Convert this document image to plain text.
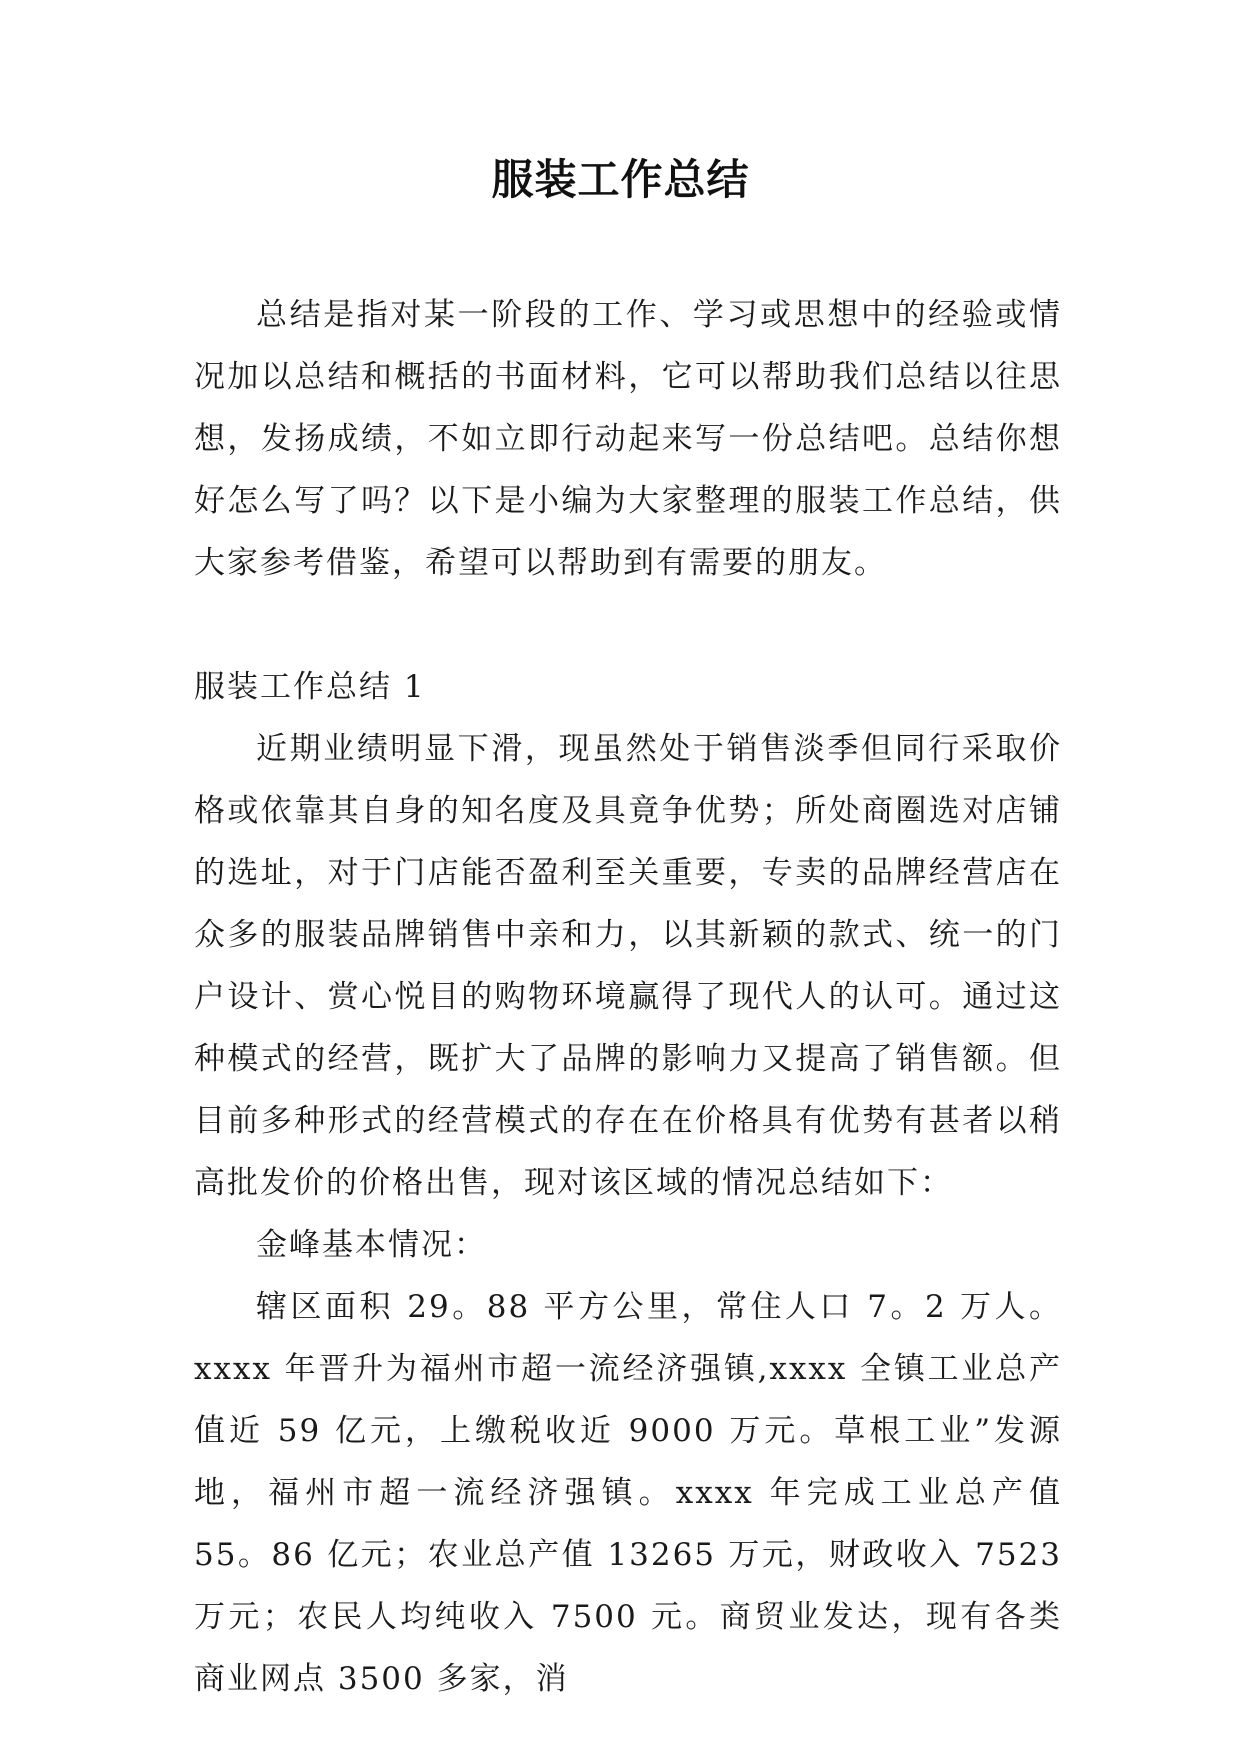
服装工作总结

总结是指对某一阶段的工作、学习或思想中的经验或情况加以总结和概括的书面材料，它可以帮助我们总结以往思想，发扬成绩，不如立即行动起来写一份总结吧。总结你想好怎么写了吗？以下是小编为大家整理的服装工作总结，供大家参考借鉴，希望可以帮助到有需要的朋友。

服装工作总结 1

近期业绩明显下滑，现虽然处于销售淡季但同行采取价格或依靠其自身的知名度及具竟争优势；所处商圈选对店铺的选址，对于门店能否盈利至关重要，专卖的品牌经营店在众多的服装品牌销售中亲和力，以其新颖的款式、统一的门户设计、赏心悦目的购物环境赢得了现代人的认可。通过这种模式的经营，既扩大了品牌的影响力又提高了销售额。但目前多种形式的经营模式的存在在价格具有优势有甚者以稍高批发价的价格出售，现对该区域的情况总结如下：

金峰基本情况：

辖区面积 29。88 平方公里，常住人口 7。2 万人。xxxx 年晋升为福州市超一流经济强镇,xxxx 全镇工业总产值近 59 亿元，上缴税收近 9000 万元。草根工业”发源地，福州市超一流经济强镇。xxxx 年完成工业总产值 55。86 亿元；农业总产值 13265 万元，财政收入 7523 万元；农民人均纯收入 7500 元。商贸业发达，现有各类商业网点 3500 多家，消
